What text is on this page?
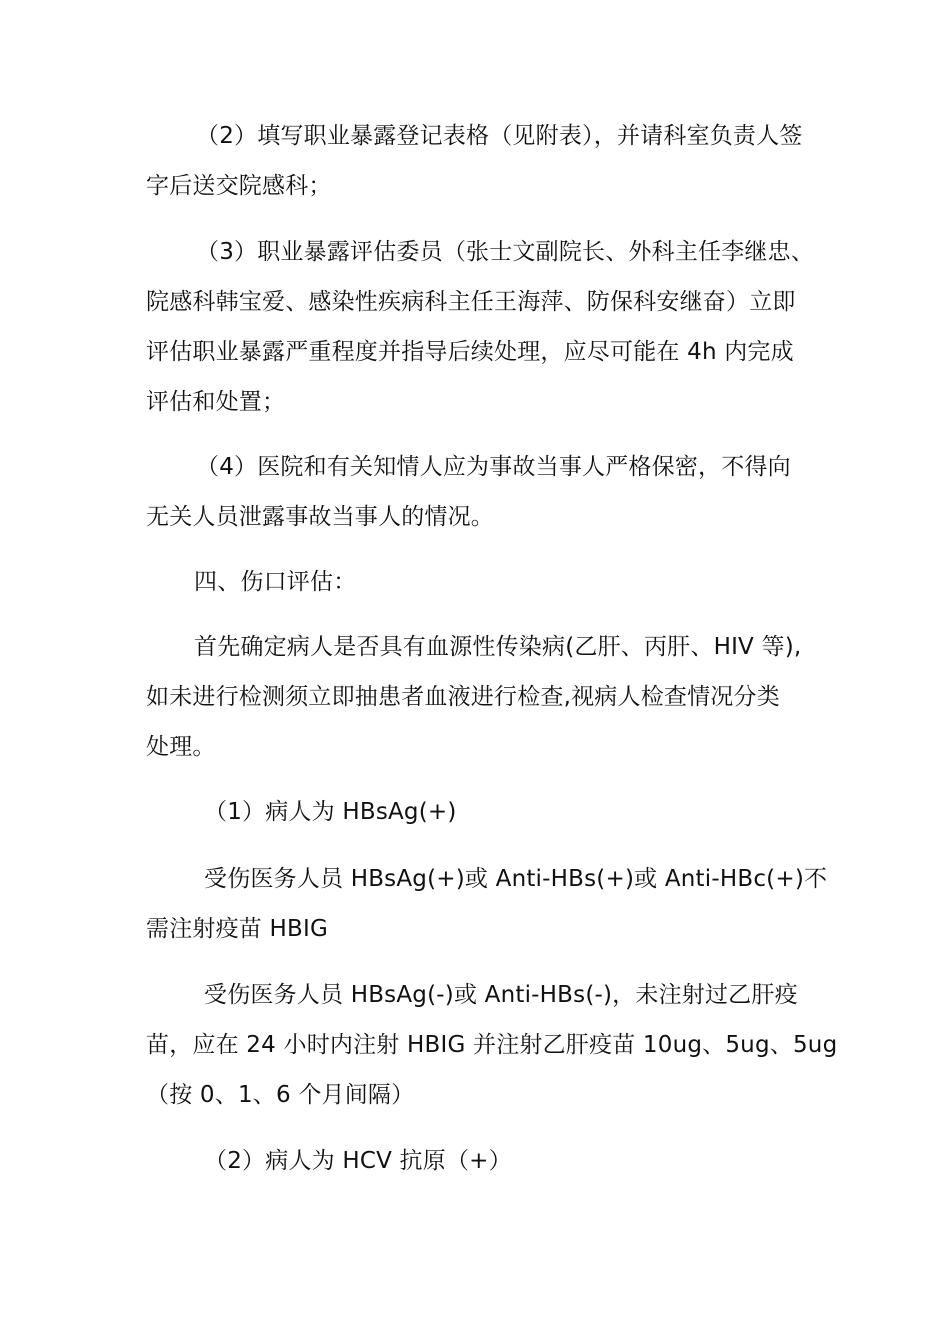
（2）填写职业暴露登记表格（见附表），并请科室负责人签
字后送交院感科；
（3）职业暴露评估委员（张士文副院长、外科主任李继忠、
院感科韩宝爱、感染性疾病科主任王海萍、防保科安继奋）立即
评估职业暴露严重程度并指导后续处理，应尽可能在 4h 内完成
评估和处置；
（4）医院和有关知情人应为事故当事人严格保密，不得向
无关人员泄露事故当事人的情况。
四、伤口评估：
首先确定病人是否具有血源性传染病(乙肝、丙肝、HIV 等),
如未进行检测须立即抽患者血液进行检查,视病人检查情况分类
处理。
（1）病人为 HBsAg(+)
受伤医务人员 HBsAg(+)或 Anti-HBs(+)或 Anti-HBc(+)不
需注射疫苗 HBIG
受伤医务人员 HBsAg(-)或 Anti-HBs(-)，未注射过乙肝疫
苗，应在 24 小时内注射 HBIG 并注射乙肝疫苗 10ug、5ug、5ug
（按 0、1、6 个月间隔）
（2）病人为 HCV 抗原（+）
